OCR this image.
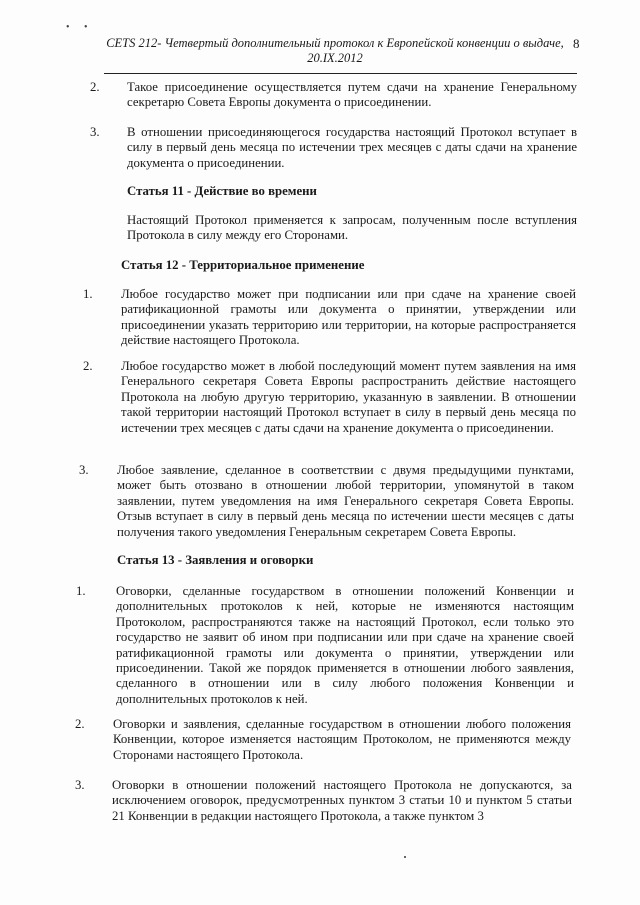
• •
CETS 212- Четвертый дополнительный протокол к Европейской конвенции о выдаче,
20.IX.2012
8
2. Такое присоединение осуществляется путем сдачи на хранение Генеральному секретарю Совета Европы документа о присоединении.
3. В отношении присоединяющегося государства настоящий Протокол вступает в силу в первый день месяца по истечении трех месяцев с даты сдачи на хранение документа о присоединении.
Статья 11 - Действие во времени
Настоящий Протокол применяется к запросам, полученным после вступления Протокола в силу между его Сторонами.
Статья 12 - Территориальное применение
1. Любое государство может при подписании или при сдаче на хранение своей ратификационной грамоты или документа о принятии, утверждении или присоединении указать территорию или территории, на которые распространяется действие настоящего Протокола.
2. Любое государство может в любой последующий момент путем заявления на имя Генерального секретаря Совета Европы распространить действие настоящего Протокола на любую другую территорию, указанную в заявлении. В отношении такой территории настоящий Протокол вступает в силу в первый день месяца по истечении трех месяцев с даты сдачи на хранение документа о присоединении.
3. Любое заявление, сделанное в соответствии с двумя предыдущими пунктами, может быть отозвано в отношении любой территории, упомянутой в таком заявлении, путем уведомления на имя Генерального секретаря Совета Европы. Отзыв вступает в силу в первый день месяца по истечении шести месяцев с даты получения такого уведомления Генеральным секретарем Совета Европы.
Статья 13 - Заявления и оговорки
1. Оговорки, сделанные государством в отношении положений Конвенции и дополнительных протоколов к ней, которые не изменяются настоящим Протоколом, распространяются также на настоящий Протокол, если только это государство не заявит об ином при подписании или при сдаче на хранение своей ратификационной грамоты или документа о принятии, утверждении или присоединении. Такой же порядок применяется в отношении любого заявления, сделанного в отношении или в силу любого положения Конвенции и дополнительных протоколов к ней.
2. Оговорки и заявления, сделанные государством в отношении любого положения Конвенции, которое изменяется настоящим Протоколом, не применяются между Сторонами настоящего Протокола.
3. Оговорки в отношении положений настоящего Протокола не допускаются, за исключением оговорок, предусмотренных пунктом 3 статьи 10 и пунктом 5 статьи 21 Конвенции в редакции настоящего Протокола, а также пунктом 3
